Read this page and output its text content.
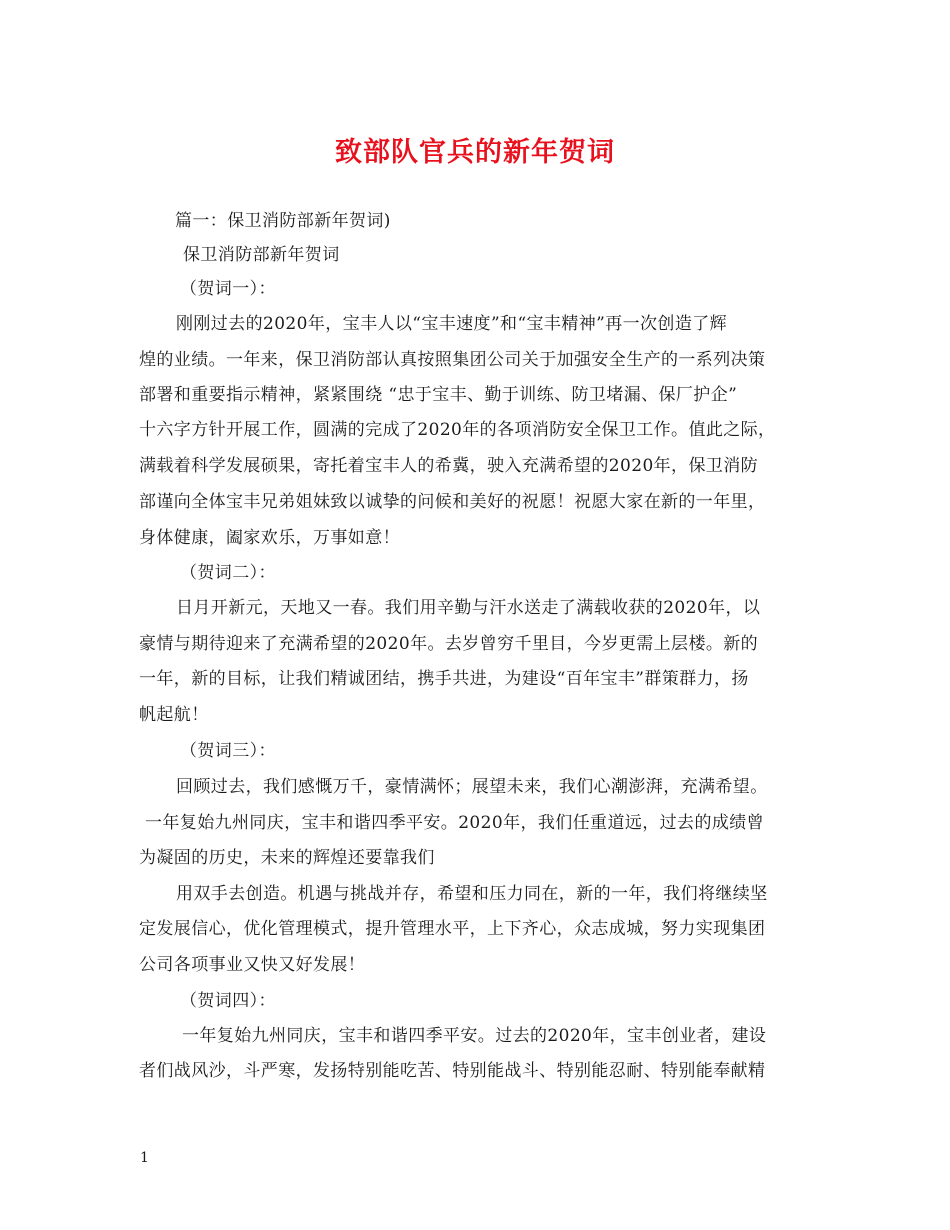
致部队官兵的新年贺词
篇一：保卫消防部新年贺词)
保卫消防部新年贺词
（贺词一）：
刚刚过去的2020年，宝丰人以“宝丰速度”和“宝丰精神”再一次创造了辉
煌的业绩。一年来，保卫消防部认真按照集团公司关于加强安全生产的一系列决策
部署和重要指示精神，紧紧围绕 “忠于宝丰、勤于训练、防卫堵漏、保厂护企”
十六字方针开展工作，圆满的完成了2020年的各项消防安全保卫工作。值此之际，
满载着科学发展硕果，寄托着宝丰人的希冀，驶入充满希望的2020年，保卫消防
部谨向全体宝丰兄弟姐妹致以诚挚的问候和美好的祝愿！祝愿大家在新的一年里，
身体健康，阖家欢乐，万事如意！
（贺词二）：
日月开新元，天地又一春。我们用辛勤与汗水送走了满载收获的2020年，以
豪情与期待迎来了充满希望的2020年。去岁曾穷千里目，今岁更需上层楼。新的
一年，新的目标，让我们精诚团结，携手共进，为建设“百年宝丰”群策群力，扬
帆起航！
（贺词三）：
回顾过去，我们感慨万千，豪情满怀；展望未来，我们心潮澎湃，充满希望。
一年复始九州同庆，宝丰和谐四季平安。2020年，我们任重道远，过去的成绩曾
为凝固的历史，未来的辉煌还要靠我们
用双手去创造。机遇与挑战并存，希望和压力同在，新的一年，我们将继续坚
定发展信心，优化管理模式，提升管理水平，上下齐心，众志成城，努力实现集团
公司各项事业又快又好发展！
（贺词四）：
一年复始九州同庆，宝丰和谐四季平安。过去的2020年，宝丰创业者，建设
者们战风沙，斗严寒，发扬特别能吃苦、特别能战斗、特别能忍耐、特别能奉献精
1
